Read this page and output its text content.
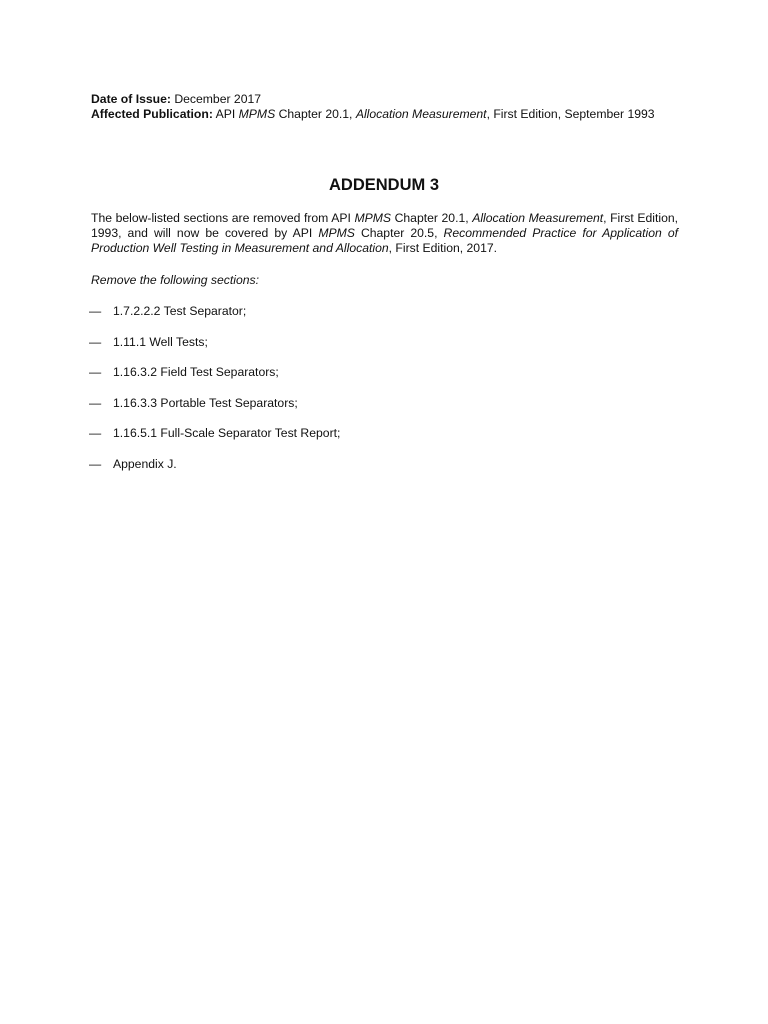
Date of Issue: December 2017
Affected Publication: API MPMS Chapter 20.1, Allocation Measurement, First Edition, September 1993
ADDENDUM 3
The below-listed sections are removed from API MPMS Chapter 20.1, Allocation Measurement, First Edition, 1993, and will now be covered by API MPMS Chapter 20.5, Recommended Practice for Application of Production Well Testing in Measurement and Allocation, First Edition, 2017.
Remove the following sections:
— 1.7.2.2.2 Test Separator;
— 1.11.1 Well Tests;
— 1.16.3.2 Field Test Separators;
— 1.16.3.3 Portable Test Separators;
— 1.16.5.1 Full-Scale Separator Test Report;
— Appendix J.
